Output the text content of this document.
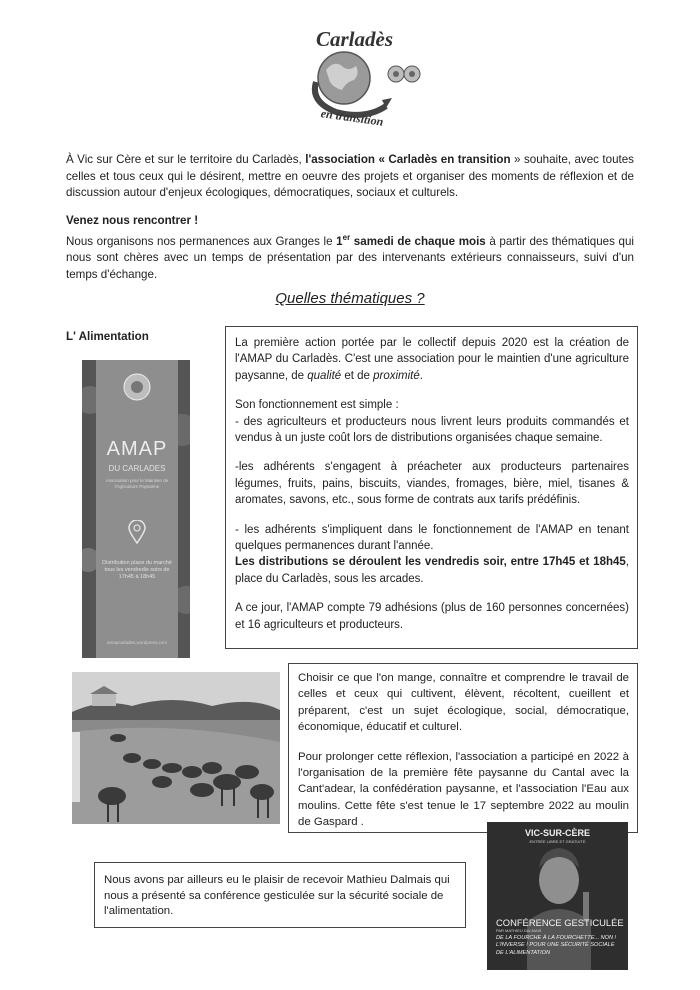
Carladès
en transition

À Vic sur Cère et sur le territoire du Carladès, l'association « Carladès en transition » souhaite, avec toutes celles et tous ceux qui le désirent, mettre en oeuvre des projets et organiser des moments de réflexion et de discussion autour d'enjeux écologiques, démocratiques, sociaux et culturels.

Venez nous rencontrer !

Nous organisons nos permanences aux Granges le 1er samedi de chaque mois à partir des thématiques qui nous sont chères avec un temps de présentation par des intervenants extérieurs connaisseurs, suivi d'un temps d'échange.

Quelles thématiques ?
L' Alimentation
AMAP
DU CARLADES
Association pour le Maintien de l'Agriculture Paysanne
Distribution place du marché tous les vendredis soirs de 17h45 à 18h45
amapcarlades.wordpress.com

La première action portée par le collectif depuis 2020 est la création de l'AMAP du Carladès. C'est une association pour le maintien d'une agriculture paysanne, de qualité et de proximité.

Son fonctionnement est simple :

- des agriculteurs et producteurs nous livrent leurs produits commandés et vendus à un juste coût lors de distributions organisées chaque semaine.

-les adhérents s'engagent à préacheter aux producteurs partenaires légumes, fruits, pains, biscuits, viandes, fromages, bière, miel, tisanes & aromates, savons, etc., sous forme de contrats aux tarifs prédéfinis.

- les adhérents s'impliquent dans le fonctionnement de l'AMAP en tenant quelques permanences durant l'année.

Les distributions se déroulent les vendredis soir, entre 17h45 et 18h45, place du Carladès, sous les arcades.

A ce jour, l'AMAP compte 79 adhésions (plus de 160 personnes concernées) et 16 agriculteurs et producteurs.

Choisir ce que l'on mange, connaître et comprendre le travail de celles et ceux qui cultivent, élèvent, récoltent, cueillent et préparent, c'est un sujet écologique, social, démocratique, économique, éducatif et culturel.

Pour prolonger cette réflexion, l'association a participé en 2022 à l'organisation de la première fête paysanne du Cantal avec la Cant'adear, la confédération paysanne, et l'association l'Eau aux moulins. Cette fête s'est tenue le 17 septembre 2022 au moulin de Gaspard .

Nous avons par ailleurs eu le plaisir de recevoir Mathieu Dalmais qui nous a présenté sa conférence gesticulée sur la sécurité sociale de l'alimentation.

VIC-SUR-CÈRE
ENTRÉE LIBRE ET GRATUITE
CONFÉRENCE GESTICULÉE
PAR MATHIEU DALMAIS
DE LA FOURCHE À LA FOURCHETTE... NON ! L'INVERSE ! POUR UNE SÉCURITÉ SOCIALE DE L'ALIMENTATION
